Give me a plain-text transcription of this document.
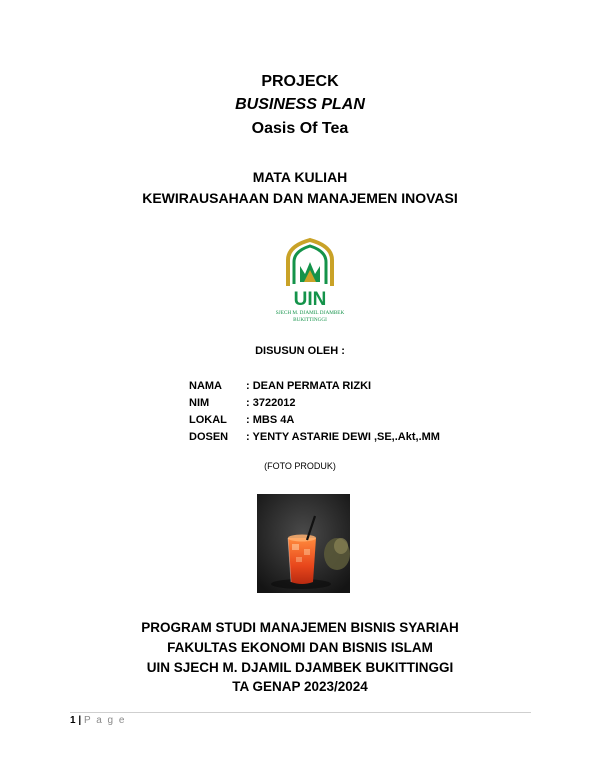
PROJECK
BUSINESS PLAN
Oasis Of Tea
MATA KULIAH
KEWIRAUSAHAAN DAN MANAJEMEN INOVASI
UIN
SJECH M. DJAMIL DJAMBEK
BUKITTINGGI
DISUSUN OLEH :
NAMA : DEAN PERMATA RIZKI
NIM	: 3722012
LOKAL : MBS 4A
DOSEN : YENTY ASTARIE DEWI ,SE,.Akt,.MM
(FOTO PRODUK)
PROGRAM STUDI MANAJEMEN BISNIS SYARIAH
FAKULTAS EKONOMI DAN BISNIS ISLAM
UIN SJECH M. DJAMIL DJAMBEK BUKITTINGGI
TA GENAP 2023/2024
1 | P a g e
